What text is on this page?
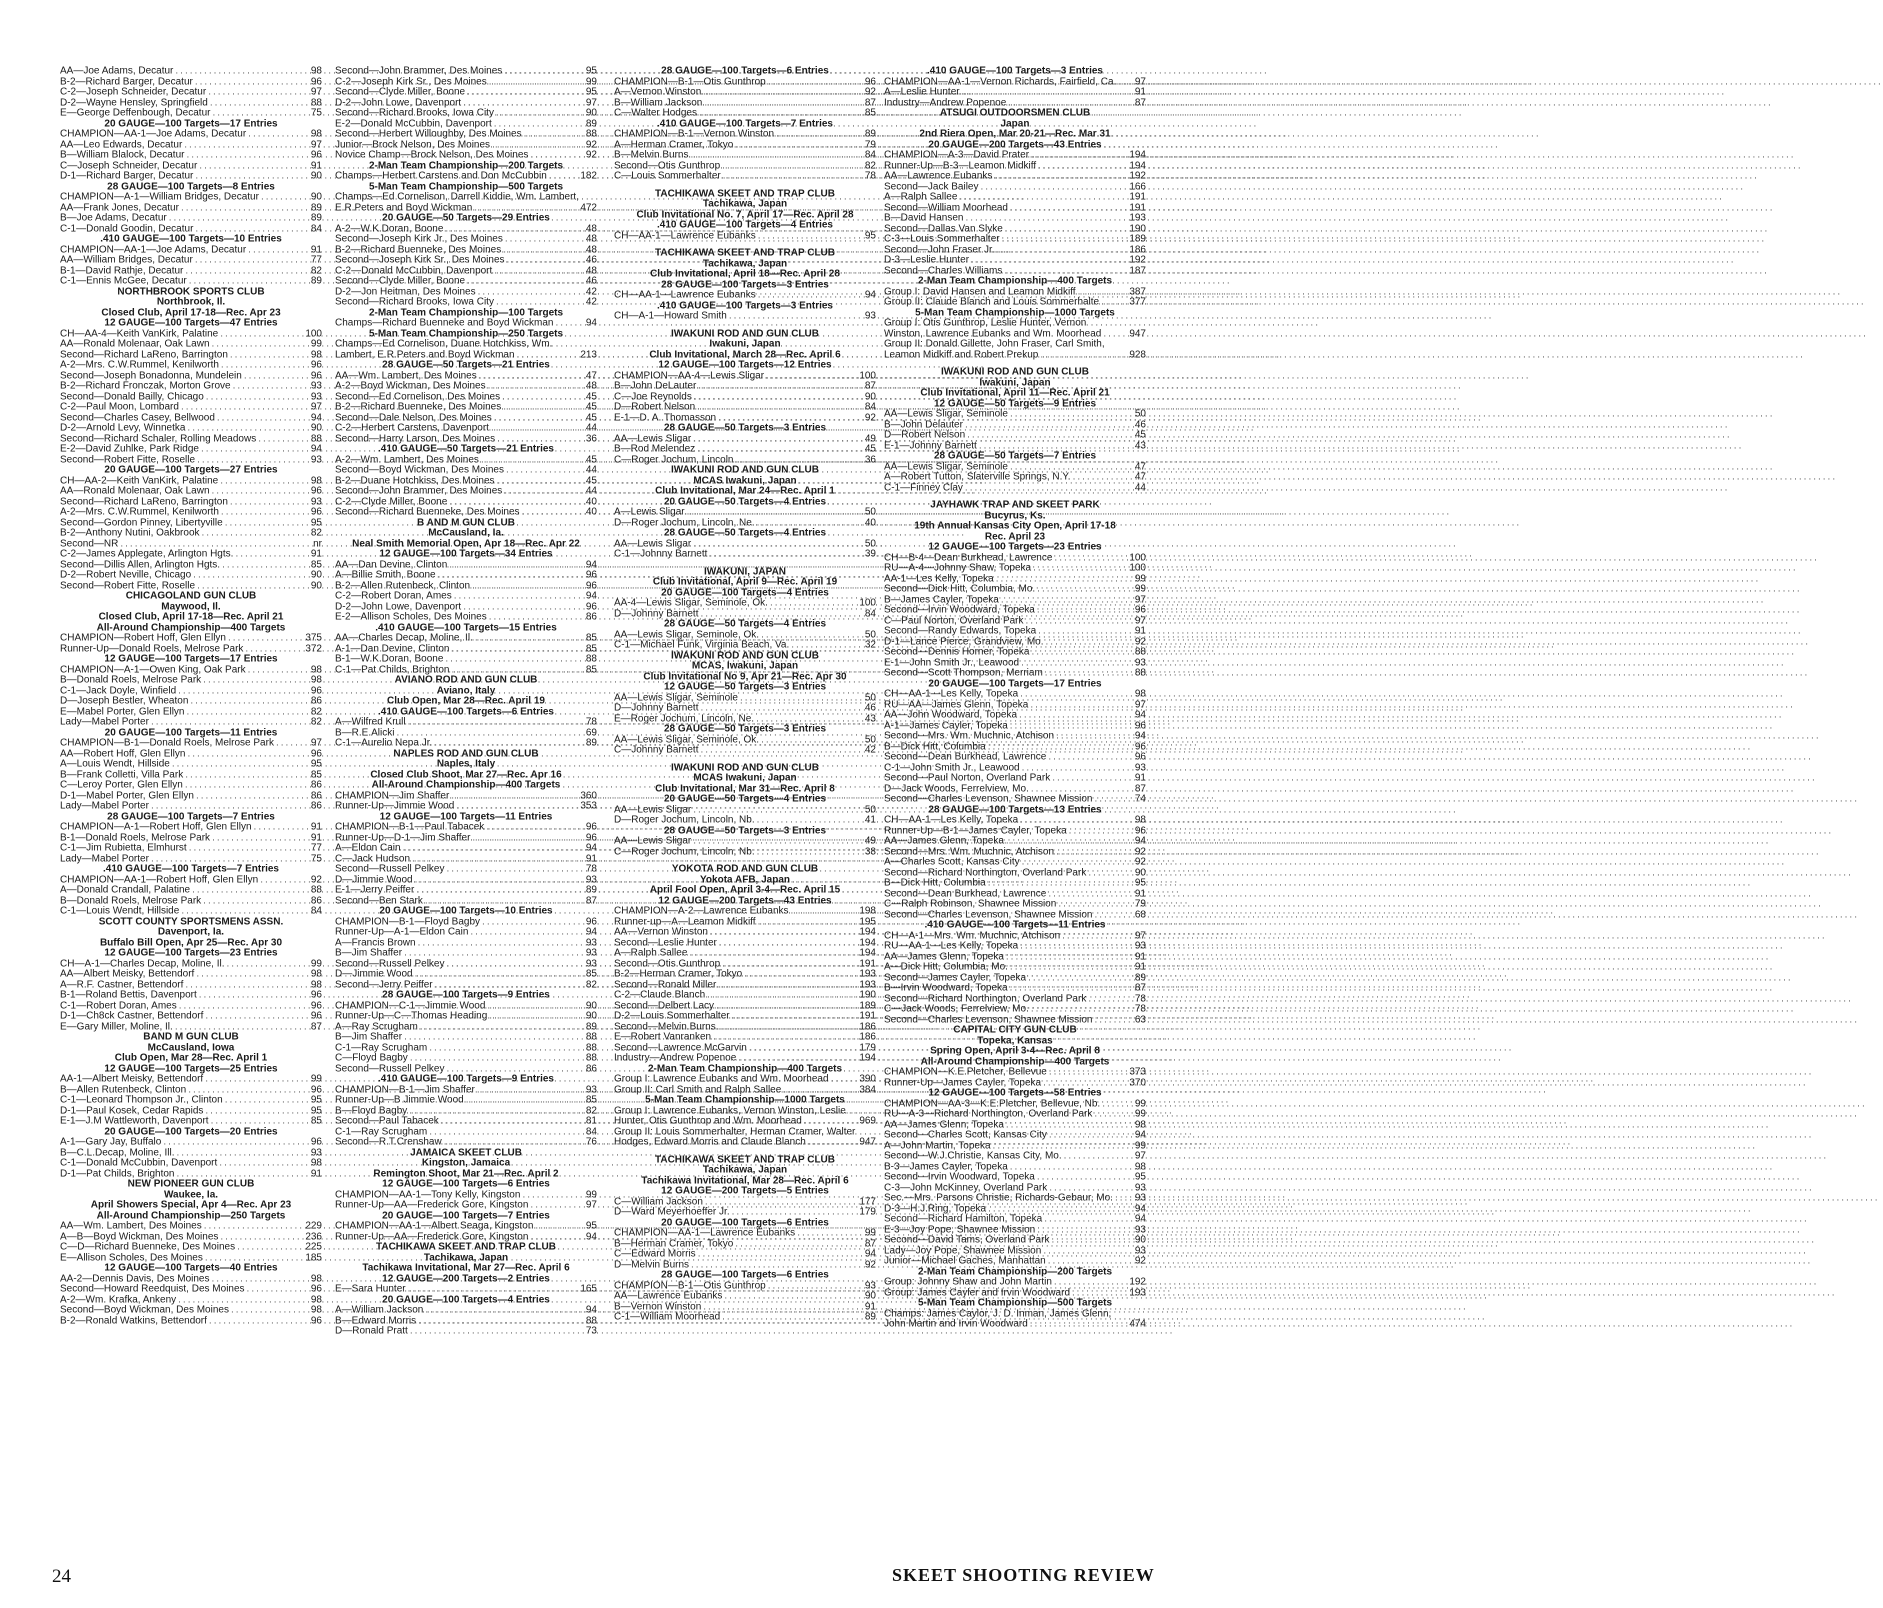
AA—Joe Adams, Decatur .....	98
B-2—Richard Barger, Decatur .....	96
C-2—Joseph Schneider, Decatur .....	97
D-2—Wayne Hensley, Springfield .....	88
E—George Deffenbough, Decatur .....	75
20 GAUGE—100 Targets—17 Entries
CHAMPION—AA-1—Joe Adams, Decatur .....	98
AA—Leo Edwards, Decatur .....	97
B—William Blalock, Decatur .....	96
C—Joseph Schneider, Decatur .....	91
D-1—Richard Barger, Decatur .....	90
28 GAUGE—100 Targets—8 Entries
CHAMPION—A-1—William Bridges, Decatur .....	90
AA—Frank Jones, Decatur .....	89
B—Joe Adams, Decatur .....	89
C-1—Donald Goodin, Decatur .....	84
.410 GAUGE—100 Targets—10 Entries
CHAMPION—AA-1—Joe Adams, Decatur .....	91
AA—William Bridges, Decatur .....	77
B-1—David Rathje, Decatur .....	82
C-1—Ennis McGee, Decatur .....	89
NORTHBROOK SPORTS CLUB
Northbrook, Il.
Closed Club, April 17-18—Rec. Apr 23
12 GAUGE—100 Targets—47 Entries
CH—AA-4—Keith VanKirk, Palatine .....	100
AA—Ronald Molenaar, Oak Lawn .....	99
Second—Richard LaReno, Barrington .....	98
A-2—Mrs. C.W.Rummel, Kenilworth .....	96
Second—Joseph Bonadonna, Mundelein .....	96
B-2—Richard Fronczak, Morton Grove .....	93
Second—Donald Bailly, Chicago .....	93
C-2—Paul Moon, Lombard .....	97
Second—Charles Casey, Bellwood .....	94
D-2—Arnold Levy, Winnetka .....	90
Second—Richard Schaler, Rolling Meadows .....	88
E-2—David Zuhlke, Park Ridge .....	94
Second—Robert Fitte, Roselle .....	93
20 GAUGE—100 Targets—27 Entries
CH—AA-2—Keith VanKirk, Palatine .....	98
AA—Ronald Molenaar, Oak Lawn .....	96
Second—Richard LaReno, Barrington .....	93
A-2—Mrs. C.W.Rummel, Kenilworth .....	96
Second—Gordon Pinney, Libertyville .....	95
B-2—Anthony Nutini, Oakbrook .....	82
Second—NR .....	nr
C-2—James Applegate, Arlington Hgts. .....	91
Second—Dillis Allen, Arlington Hgts. .....	85
D-2—Robert Neville, Chicago .....	90
Second—Robert Fitte, Roselle .....	90
CHICAGOLAND GUN CLUB
Maywood, Il.
Closed Club, April 17-18—Rec. April 21
All-Around Championship—400 Targets
CHAMPION—Robert Hoff, Glen Ellyn .....	375
Runner-Up—Donald Roels, Melrose Park .....	372
12 GAUGE—100 Targets—17 Entries
CHAMPION—A-1—Owen King, Oak Park .....	98
B—Donald Roels, Melrose Park .....	98
C-1—Jack Doyle, Winfield .....	96
D—Joseph Bestler, Wheaton .....	86
E—Mabel Porter, Glen Ellyn .....	82
Lady—Mabel Porter .....	82
20 GAUGE—100 Targets—11 Entries
CHAMPION—B-1—Donald Roels, Melrose Park .....	97
AA—Robert Hoff, Glen Ellyn .....	96
A—Louis Wendt, Hillside .....	95
B—Frank Colletti, Villa Park .....	85
C—Leroy Porter, Glen Ellyn .....	86
D-1—Mabel Porter, Glen Ellyn .....	86
Lady—Mabel Porter .....	86
28 GAUGE—100 Targets—7 Entries
CHAMPION—A-1—Robert Hoff, Glen Ellyn .....	91
B-1—Donald Roels, Melrose Park .....	91
C-1—Jim Rubietta, Elmhurst .....	77
Lady—Mabel Porter .....	75
.410 GAUGE—100 Targets—7 Entries
CHAMPION—AA-1—Robert Hoff, Glen Ellyn .....	92
A—Donald Crandall, Palatine .....	88
B—Donald Roels, Melrose Park .....	86
C-1—Louis Wendt, Hillside .....	84
SCOTT COUNTY SPORTSMENS ASSN.
Davenport, Ia.
Buffalo Bill Open, Apr 25—Rec. Apr 30
12 GAUGE—100 Targets—23 Entries
CH—A-1—Charles Decap, Moline, Il. .....	99
AA—Albert Meisky, Bettendorf .....	98
A—R.F. Castner, Bettendorf .....	98
B-1—Roland Bettis, Davenport .....	96
C-1—Robert Doran, Ames .....	96
D-1—Ch8ck Castner, Bettendorf .....	96
E—Gary Miller, Moline, Il. .....	87
BAND M GUN CLUB
McCausland, Iowa
Club Open, Mar 28—Rec. April 1
12 GAUGE—100 Targets—25 Entries
AA-1—Albert Meisky, Bettendorf .....	99
B—Allen Rutenbeck, Clinton .....	96
C-1—Leonard Thompson Jr., Clinton .....	95
D-1—Paul Kosek, Cedar Rapids .....	95
E-1—J.M Wattleworth, Davenport .....	85
20 GAUGE—100 Targets—20 Entries
A-1—Gary Jay, Buffalo .....	96
B—C.L.Decap, Moline, Ill. .....	93
C-1—Donald McCubbin, Davenport .....	98
D-1—Pat Childs, Brighton .....	91
NEW PIONEER GUN CLUB
Waukee, Ia.
April Showers Special, Apr 4—Rec. Apr 23
All-Around Championship—250 Targets
AA—Wm. Lambert, Des Moines .....	229
A—B—Boyd Wickman, Des Moines .....	236
C—D—Richard Buenneke, Des Moines .....	225
E—Allison Scholes, Des Moines .....	185
12 GAUGE—100 Targets—40 Entries
AA-2—Dennis Davis, Des Moines .....	98
Second—Howard Reedquist, Des Moines .....	96
A-2—Wm. Krafka, Ankeny .....	98
Second—Boyd Wickman, Des Moines .....	98
B-2—Ronald Watkins, Bettendorf .....	96
Second—John Brammer, Des Moines .....	95
C-2—Joseph Kirk Sr., Des Moines .....	99
Second—Clyde Miller, Boone .....	95
D-2—John Lowe, Davenport .....	97
Second—Richard Brooks, Iowa City .....	90
E-2—Donald McCubbin, Davenport .....	89
Second—Herbert Willoughby, Des Moines .....	88
Junior—Brock Nelson, Des Moines .....	92
Novice Champ—Brock Nelson, Des Moines .....	92
2-Man Team Championship—200 Targets
Champs—Herbert Carstens and Don McCubbin .....	182
5-Man Team Championship—500 Targets
Champs—Ed Cornelison, Darrell Kiddie, Wm. Lambert,
E.R.Peters and Boyd Wickman .....	472
20 GAUGE—50 Targets—29 Entries
A-2—W.K.Doran, Boone .....	48
Second—Joseph Kirk Jr., Des Moines .....	48
B-2—Richard Buenneke, Des Moines .....	48
Second—Joseph Kirk Sr., Des Moines .....	46
C-2—Donald McCubbin, Davenport .....	48
Second—Clyde Miller, Boone .....	46
D-2—Jon Heitman, Des Moines .....	42
Second—Richard Brooks, Iowa City .....	42
2-Man Team Championship—100 Targets
Champs—Richard Buenneke and Boyd Wickman .....	94
5-Man Team Championship—250 Targets
Champs—Ed Cornelison, Duane Hotchkiss, Wm.
Lambert, E.R.Peters and Boyd Wickman .....	213
28 GAUGE—50 Targets—21 Entries
AA—Wm. Lambert, Des Moines .....	47
A-2—Boyd Wickman, Des Moines .....	48
Second—Ed Cornelison, Des Moines .....	45
B-2—Richard Buenneke, Des Moines .....	45
Second—Dale Nelson, Des Moines .....	45
C-2—Herbert Carstens, Davenport .....	44
Second—Harry Larson, Des Moines .....	36
.410 GAUGE—50 Targets—21 Entries
A-2—Wm. Lambert, Des Moines .....	45
Second—Boyd Wickman, Des Moines .....	44
B-2—Duane Hotchkiss, Des Moines .....	45
Second—John Brammer, Des Moines .....	44
C-2—Clyde Miller, Boone .....	40
Second—Richard Buenneke, Des Moines .....	40
B AND M GUN CLUB
McCausland, Ia.
Neal Smith Memorial Open, Apr 18—Rec. Apr 22
12 GAUGE—100 Targets—34 Entries
AA—Dan Devine, Clinton .....	94
A—Billie Smith, Boone .....	96
B-2—Allen Rutenbeck, Clinton .....	96
C-2—Robert Doran, Ames .....	94
D-2—John Lowe, Davenport .....	96
E-2—Allison Scholes, Des Moines .....	86
.410 GAUGE—100 Targets—15 Entries
AA—Charles Decap, Moline, Il. .....	85
A-1—Dan Devine, Clinton .....	85
B-1—W.K.Doran, Boone .....	88
C-1—Pat Childs, Brighton .....	85
AVIANO ROD AND GUN CLUB
Aviano, Italy
Club Open, Mar 28—Rec. April 19
.410 GAUGE—100 Targets—6 Entries
A—Wilfred Krull .....	78
B—R.E.Alicki .....	69
C-1—Aurelio Nepa Jr. .....	89
NAPLES ROD AND GUN CLUB
Naples, Italy
Closed Club Shoot, Mar 27—Rec. Apr 16
All-Around Championship—400 Targets
CHAMPION—Jim Shaffer .....	360
Runner-Up—Jimmie Wood .....	353
12 GAUGE—100 Targets—11 Entries
CHAMPION—B-1—Paul Tabacek .....	96
Runner-Up—D-1—Jim Shaffer .....	96
A—Eldon Cain .....	94
C—Jack Hudson .....	91
Second—Russell Pelkey .....	78
D—Jimmie Wood .....	93
E-1—Jerry Peiffer .....	89
Second—Ben Stark .....	87
20 GAUGE—100 Targets—10 Entries
CHAMPION—B-1—Floyd Bagby .....	96
Runner-Up—A-1—Eldon Cain .....	94
A—Francis Brown .....	93
B—Jim Shaffer .....	93
Second—Russell Pelkey .....	93
D—Jimmie Wood .....	85
Second—Jerry Peiffer .....	82
28 GAUGE—100 Targets—9 Entries
CHAMPION—C-1—Jimmie Wood .....	90
Runner-Up—C—Thomas Heading .....	90
A—Ray Scrugham .....	89
B—Jim Shaffer .....	88
C-1—Ray Scrugham .....	88
C—Floyd Bagby .....	88
Second—Russell Pelkey .....	86
.410 GAUGE—100 Targets—9 Entries
CHAMPION—B-1—Jim Shaffer .....	93
Runner-Up—B Jimmie Wood .....	85
B—Floyd Bagby .....	82
Second—Paul Tabacek .....	81
C-1—Ray Scrugham .....	84
Second—R.T.Crenshaw .....	76
JAMAICA SKEET CLUB
Kingston, Jamaica
Remington Shoot, Mar 21—Rec. April 2
12 GAUGE—100 Targets—6 Entries
CHAMPION—AA-1—Tony Kelly, Kingston .....	99
Runner-Up—AA—Frederick Gore, Kingston .....	97
20 GAUGE—100 Targets—7 Entries
CHAMPION—AA-1—Albert Seaga, Kingston .....	95
Runner-Up—AA—Frederick Gore, Kingston .....	94
TACHIKAWA SKEET AND TRAP CLUB
Tachikawa, Japan
Tachikawa Invitational, Mar 27—Rec. April 6
12 GAUGE—200 Targets—2 Entries
E—Sara Hunter .....	165
20 GAUGE—100 Targets—4 Entries
A—William Jackson .....	94
B—Edward Morris .....	88
D—Ronald Pratt .....	73
28 GAUGE—100 Targets—6 Entries
CHAMPION—B-1—Otis Gunthrop .....	96
A—Vernon Winston .....	92
B—William Jackson .....	87
C—Walter Hodges .....	85
.410 GAUGE—100 Targets—7 Entries
CHAMPION—B-1—Vernon Winston .....	89
A—Herman Cramer, Tokyo .....	79
B—Melvin Burns .....	84
Second—Otis Gunthrop .....	82
C—Louis Sommerhalter .....	78
TACHIKAWA SKEET AND TRAP CLUB
Tachikawa, Japan
Club Invitational No. 7, April 17—Rec. April 28
.410 GAUGE—100 Targets—4 Entries
CH—AA-1—Lawrence Eubanks .....	95
TACHIKAWA SKEET AND TRAP CLUB
Tachikawa, Japan
Club Invitational, April 18—Rec. April 28
28 GAUGE—100 Targets—3 Entries
CH—AA-1—Lawrence Eubanks .....	94
.410 GAUGE—100 Targets—3 Entries
CH—A-1—Howard Smith .....	93
IWAKUNI ROD AND GUN CLUB
Iwakuni, Japan
Club Invitational, March 28—Rec. April 6
12 GAUGE—100 Targets—12 Entries
CHAMPION—AA-4—Lewis Sligar .....	100
B—John DeLauter .....	87
C—Joe Reynolds .....	90
D—Robert Nelson .....	84
E-1—D. A. Thomasson .....	92
28 GAUGE—50 Targets—3 Entries
AA—Lewis Sligar .....	49
B—Rod Melendez .....	45
C—Roger Jochum, Lincoln .....	36
IWAKUNI ROD AND GUN CLUB
MCAS Iwakuni, Japan
Club Invitational, Mar 24—Rec. April 1
20 GAUGE—50 Targets—4 Entries
A—Lewis Sligar .....	50
D—Roger Jochum, Lincoln, Ne. .....	40
28 GAUGE—50 Targets—4 Entries
AA—Lewis Sligar .....	50
C-1—Johnny Barnett .....	39
IWAKUNI, JAPAN
Club Invitational, April 9—Rec. April 19
20 GAUGE—100 Targets—4 Entries
AA-4—Lewis Sligar, Seminole, Ok. .....	100
D—Johnny Barnett .....	84
28 GAUGE—50 Targets—4 Entries
AA—Lewis Sligar, Seminole, Ok. .....	50
C-1—Michael Funk, Virginia Beach, Va. .....	32
IWAKUNI ROD AND GUN CLUB
MCAS, Iwakuni, Japan
Club Invitational No 9, Apr 21—Rec. Apr 30
12 GAUGE—50 Targets—3 Entries
AA—Lewis Sligar, Seminole .....	50
D—Johnny Barnett .....	46
E—Roger Jochum, Lincoln, Ne. .....	43
28 GAUGE—50 Targets—3 Entries
AA—Lewis Sligar, Seminole, Ok. .....	50
C—Johnny Barnett .....	42
IWAKUNI ROD AND GUN CLUB
MCAS Iwakuni, Japan
Club Invitational, Mar 31—Rec. April 8
20 GAUGE—50 Targets—4 Entries
AA—Lewis Sligar .....	50
D—Roger Jochum, Lincoln, Nb. .....	41
28 GAUGE—50 Targets—3 Entries
AA—Lewis Sligar .....	49
C—Roger Jochum, Lincoln, Nb. .....	38
YOKOTA ROD AND GUN CLUB
Yokota AFB, Japan
April Fool Open, April 3-4—Rec. April 15
12 GAUGE—200 Targets—43 Entries
CHAMPION—A-2—Lawrence Eubanks .....	198
Runner-up—A—Leamon Midkiff .....	195
AA—Vernon Winston .....	194
Second—Leslie Hunter .....	194
A—Ralph Sallee .....	194
Second—Otis Gunthrop .....	191
B-2—Herman Cramer, Tokyo .....	193
Second—Ronald Miller .....	193
C-2—Claude Blanch .....	190
Second—Delbert Lacy .....	189
D-2—Louis Sommerhalter .....	191
Second—Melvin Burns .....	186
E—Robert Vanranken .....	186
Second—Lawrence McGarvin .....	179
Industry—Andrew Popenoe .....	194
2-Man Team Championship—400 Targets
Group I: Lawrence Eubanks and Wm. Moorhead .....	390
Group II: Carl Smith and Ralph Sallee .....	384
5-Man Team Championship—1000 Targets
Group I: Lawrence Eubanks, Vernon Winston, Leslie
Hunter, Otis Gunthrop and Wm. Moorhead .....	969
Group II: Louis Sommerhalter, Herman Cramer, Walter
Hodges, Edward Morris and Claude Blanch .....	947
TACHIKAWA SKEET AND TRAP CLUB
Tachikawa, Japan
Tachikawa Invitational, Mar 28—Rec. April 6
12 GAUGE—200 Targets—5 Entries
C—William Jackson .....	177
D—Ward Meyerhoeffer Jr. .....	179
20 GAUGE—100 Targets—6 Entries
CHAMPION—AA-1—Lawrence Eubanks .....	99
B—Herman Cramer, Tokyo .....	87
C—Edward Morris .....	94
D—Melvin Burns .....	92
28 GAUGE—100 Targets—6 Entries
CHAMPION—B-1—Otis Gunthrop .....	93
AA—Lawrence Eubanks .....	90
B—Vernon Winston .....	91
C-1—William Moorhead .....	89
.410 GAUGE—100 Targets—3 Entries
CHAMPION—AA-1—Vernon Richards, Fairfield, Ca. .....	97
A—Leslie Hunter .....	91
Industry—Andrew Popenoe .....	87
ATSUGI OUTDOORSMEN CLUB
Japan
2nd Riera Open, Mar 20-21—Rec. Mar 31
20 GAUGE—200 Targets—43 Entries
CHAMPION—A-3—David Prater .....	194
Runner-Up—B-3—Leamon Midkiff .....	194
AA—Lawrence Eubanks .....	192
Second—Jack Bailey .....	166
A—Ralph Sallee .....	191
Second—William Moorhead .....	191
B—David Hansen .....	193
Second—Dallas Van Slyke .....	190
C-3—Louis Sommerhalter .....	189
Second—John Fraser Jr. .....	186
D-3—Leslie Hunter .....	192
Second—Charles Williams .....	187
2-Man Team Championship—400 Targets
Group I: David Hansen and Leamon Midkiff .....	387
Group II: Claude Blanch and Louis Sommerhalte .....	377
5-Man Team Championship—1000 Targets
Group I: Otis Gunthrop, Leslie Hunter, Vernon
Winston, Lawrence Eubanks and Wm. Moorhead .....	947
Group II: Donald Gillette, John Fraser, Carl Smith,
Leamon Midkiff and Robert Prekup .....	928
IWAKUNI ROD AND GUN CLUB
Iwakuni, Japan
Club Invitational, April 11—Rec. April 21
12 GAUGE—50 Targets—9 Entries
AA—Lewis Sligar, Seminole .....	50
B—John Delauter .....	46
D—Robert Nelson .....	45
E-1—Johnny Barnett .....	43
28 GAUGE—50 Targets—7 Entries
AA—Lewis Sligar, Seminole .....	47
A—Robert Tutton, Slaterville Springs, N.Y. .....	47
C-1—Finney Clay .....	44
JAYHAWK TRAP AND SKEET PARK
Bucyrus, Ks.
19th Annual Kansas City Open, April 17-18
Rec. April 23
12 GAUGE—100 Targets—23 Entries
CH—B-4—Dean Burkhead, Lawrence .....	100
RU—A-4—Johnny Shaw, Topeka .....	100
AA-1—Les Kelly, Topeka .....	99
Second—Dick Hitt, Columbia, Mo. .....	99
B—James Cayler, Topeka .....	97
Second—Irvin Woodward, Topeka .....	96
C—Paul Norton, Overland Park .....	97
Second—Randy Edwards, Topeka .....	91
D-1—Lance Pierce, Grandview, Mo. .....	92
Second—Dennis Horner, Topeka .....	88
E-1—John Smith Jr., Leawood .....	93
Second—Scott Thompson, Merriam .....	88
20 GAUGE—100 Targets—17 Entries
CH—AA-1—Les Kelly, Topeka .....	98
RU—AA—James Glenn, Topeka .....	97
AA—John Woodward, Topeka .....	94
A-1—James Cayler, Topeka .....	96
Second—Mrs. Wm. Muchnic, Atchison .....	94
B—Dick Hitt, Columbia .....	96
Second—Dean Burkhead, Lawrence .....	96
C-1—John Smith Jr., Leawood .....	93
Second—Paul Norton, Overland Park .....	91
D—Jack Woods, Ferrelview, Mo. .....	87
Second—Charles Levenson, Shawnee Mission .....	74
28 GAUGE—100 Targets—13 Entries
CH—AA-1—Les Kelly, Topeka .....	98
Runner-Up—B-1—James Cayler, Topeka .....	96
AA—James Glenn, Topeka .....	94
Second—Mrs. Wm. Muchnic, Atchison .....	92
A—Charles Scott, Kansas City .....	92
Second—Richard Northington, Overland Park .....	90
B—Dick Hitt, Columbia .....	95
Second—Dean Burkhead, Lawrence .....	91
C—Ralph Robinson, Shawnee Mission .....	79
Second—Charles Levenson, Shawnee Mission .....	68
.410 GAUGE—100 Targets—11 Entries
CH—A-1—Mrs. Wm. Muchnic, Atchison .....	97
RU—AA-1—Les Kelly, Topeka .....	93
AA—James Glenn, Topeka .....	91
A—Dick Hitt, Columbia, Mo. .....	91
Second—James Cayler, Topeka .....	89
B—Irvin Woodward, Topeka .....	87
Second—Richard Northington, Overland Park .....	78
C—Jack Woods, Ferrelview, Mo. .....	78
Second—Charles Levenson, Shawnee Mission .....	63
CAPITAL CITY GUN CLUB
Topeka, Kansas
Spring Open, April 3-4—Rec. April 8
All-Around Championship—400 Targets
CHAMPION—K.E.Pletcher, Bellevue .....	373
Runner-Up—James Cayler, Topeka .....	370
12 GAUGE—100 Targets—58 Entries
CHAMPION—AA-3—K.E.Pletcher, Bellevue, Nb. .....	99
RU—A-3—Richard Northington, Overland Park .....	99
AA—James Glenn, Topeka .....	98
Second—Charles Scott, Kansas City .....	94
A—John Martin, Topeka .....	99
Second—W.J.Christie, Kansas City, Mo. .....	97
B-3—James Cayler, Topeka .....	98
Second—Irvin Woodward, Topeka .....	95
C-3—John McKinney, Overland Park .....	93
Sec.—Mrs. Parsons Christie, Richards-Gebaur, Mo. .....	93
D-3—H.J.Ring, Topeka .....	94
Second—Richard Hamilton, Topeka .....	94
E-3—Joy Pope, Shawnee Mission .....	93
Second—David Tams, Overland Park .....	90
Lady—Joy Pope, Shawnee Mission .....	93
Junior—Michael Gaches, Manhattan .....	92
2-Man Team Championship—200 Targets
Group: Johnny Shaw and John Martin .....	192
Group: James Cayler and Irvin Woodward .....	193
5-Man Team Championship—500 Targets
Champs: James Caylor, J. D. Inman, James Glenn,
John Martin and Irvin Woodward .....	474
24	SKEET SHOOTING REVIEW
